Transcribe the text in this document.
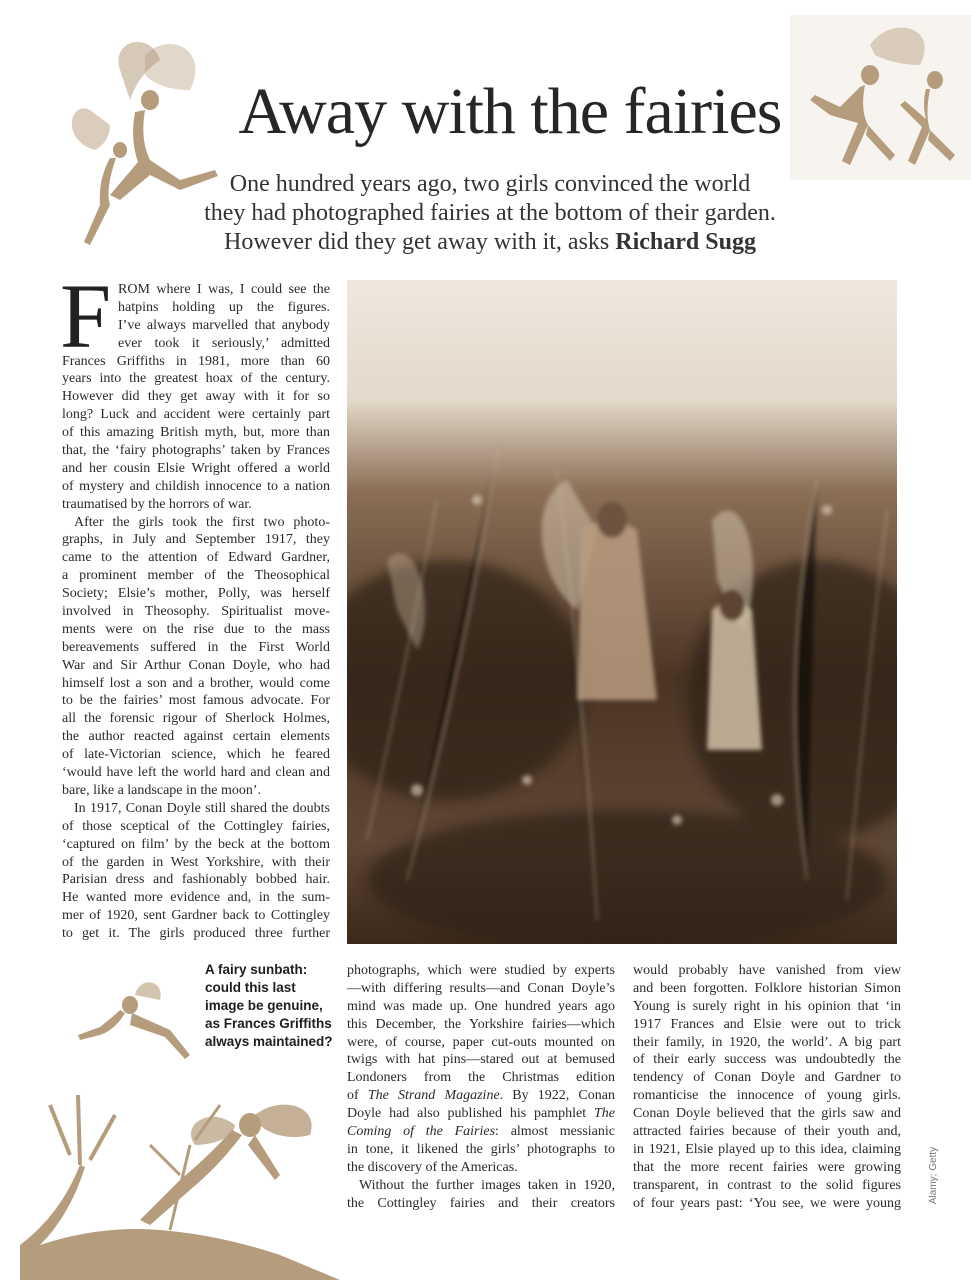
Away with the fairies
One hundred years ago, two girls convinced the world
they had photographed fairies at the bottom of their garden.
However did they get away with it, asks Richard Sugg
F ROM where I was, I could see the
hatpins holding up the figures.
I’ve always marvelled that anybody
ever took it seriously,’ admitted
Frances Griffiths in 1981, more than 60
years into the greatest hoax of the century.
However did they get away with it for so
long? Luck and accident were certainly part
of this amazing British myth, but, more than
that, the ‘fairy photographs’ taken by Frances
and her cousin Elsie Wright offered a world
of mystery and childish innocence to a nation
traumatised by the horrors of war.
After the girls took the first two photo-
graphs, in July and September 1917, they
came to the attention of Edward Gardner,
a prominent member of the Theosophical
Society; Elsie’s mother, Polly, was herself
involved in Theosophy. Spiritualist move-
ments were on the rise due to the mass
bereavements suffered in the First World
War and Sir Arthur Conan Doyle, who had
himself lost a son and a brother, would come
to be the fairies’ most famous advocate. For
all the forensic rigour of Sherlock Holmes,
the author reacted against certain elements
of late-Victorian science, which he feared
‘would have left the world hard and clean and
bare, like a landscape in the moon’.
In 1917, Conan Doyle still shared the doubts
of those sceptical of the Cottingley fairies,
‘captured on film’ by the beck at the bottom
of the garden in West Yorkshire, with their
Parisian dress and fashionably bobbed hair.
He wanted more evidence and, in the sum-
mer of 1920, sent Gardner back to Cottingley
to get it. The girls produced three further
photographs, which were studied by experts
—with differing results—and Conan Doyle’s
mind was made up. One hundred years ago
this December, the Yorkshire fairies—which
were, of course, paper cut-outs mounted on
twigs with hat pins—stared out at bemused
Londoners from the Christmas edition
of The Strand Magazine. By 1922, Conan
Doyle had also published his pamphlet The
Coming of the Fairies: almost messianic
in tone, it likened the girls’ photographs to
the discovery of the Americas.
Without the further images taken in 1920,
the Cottingley fairies and their creators
would probably have vanished from view
and been forgotten. Folklore historian Simon
Young is surely right in his opinion that ‘in
1917 Frances and Elsie were out to trick
their family, in 1920, the world’. A big part
of their early success was undoubtedly the
tendency of Conan Doyle and Gardner to
romanticise the innocence of young girls.
Conan Doyle believed that the girls saw and
attracted fairies because of their youth and,
in 1921, Elsie played up to this idea, claiming
that the more recent fairies were growing
transparent, in contrast to the solid figures
of four years past: ‘You see, we were young
A fairy sunbath:
could this last
image be genuine,
as Frances Griffiths
always maintained?
Alamy; Getty
